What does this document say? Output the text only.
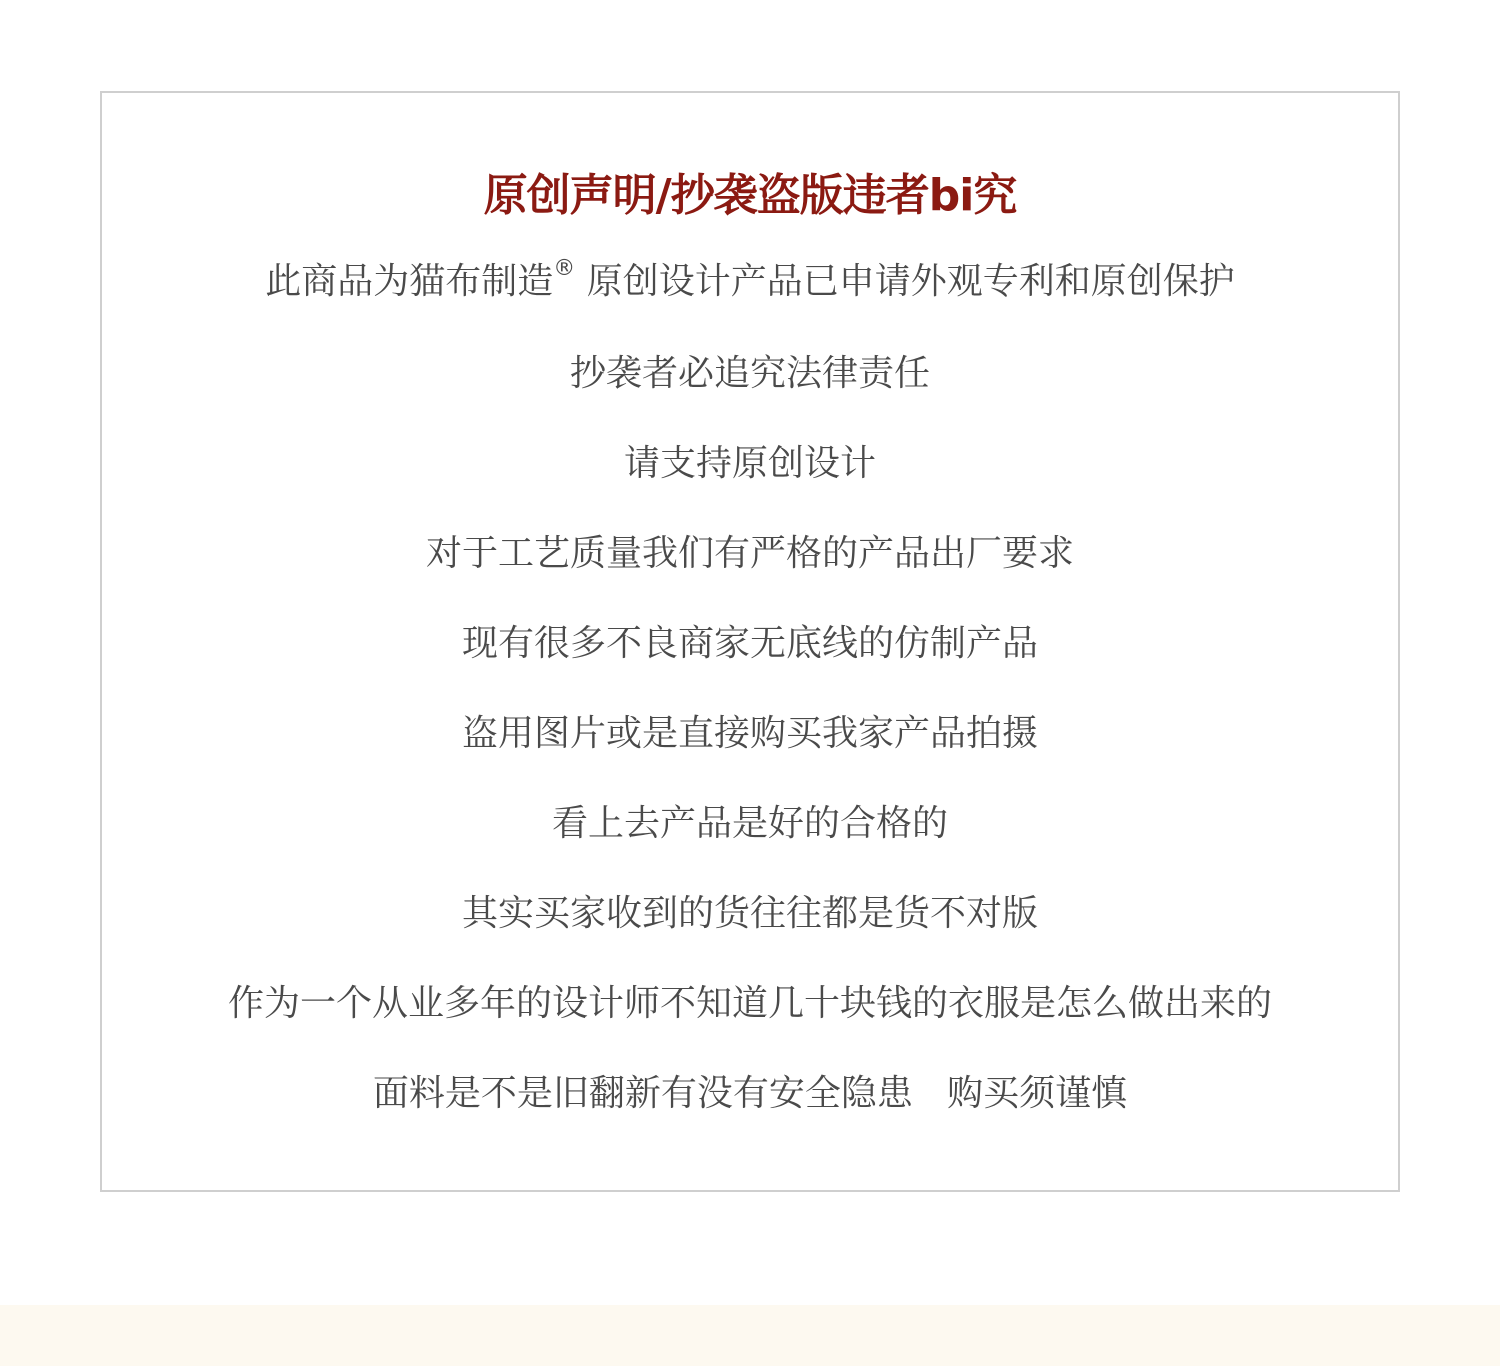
原创声明/抄袭盗版违者bi究
此商品为猫布制造® 原创设计产品已申请外观专利和原创保护
抄袭者必追究法律责任
请支持原创设计
对于工艺质量我们有严格的产品出厂要求
现有很多不良商家无底线的仿制产品
盗用图片或是直接购买我家产品拍摄
看上去产品是好的合格的
其实买家收到的货往往都是货不对版
作为一个从业多年的设计师不知道几十块钱的衣服是怎么做出来的
面料是不是旧翻新有没有安全隐患   购买须谨慎
